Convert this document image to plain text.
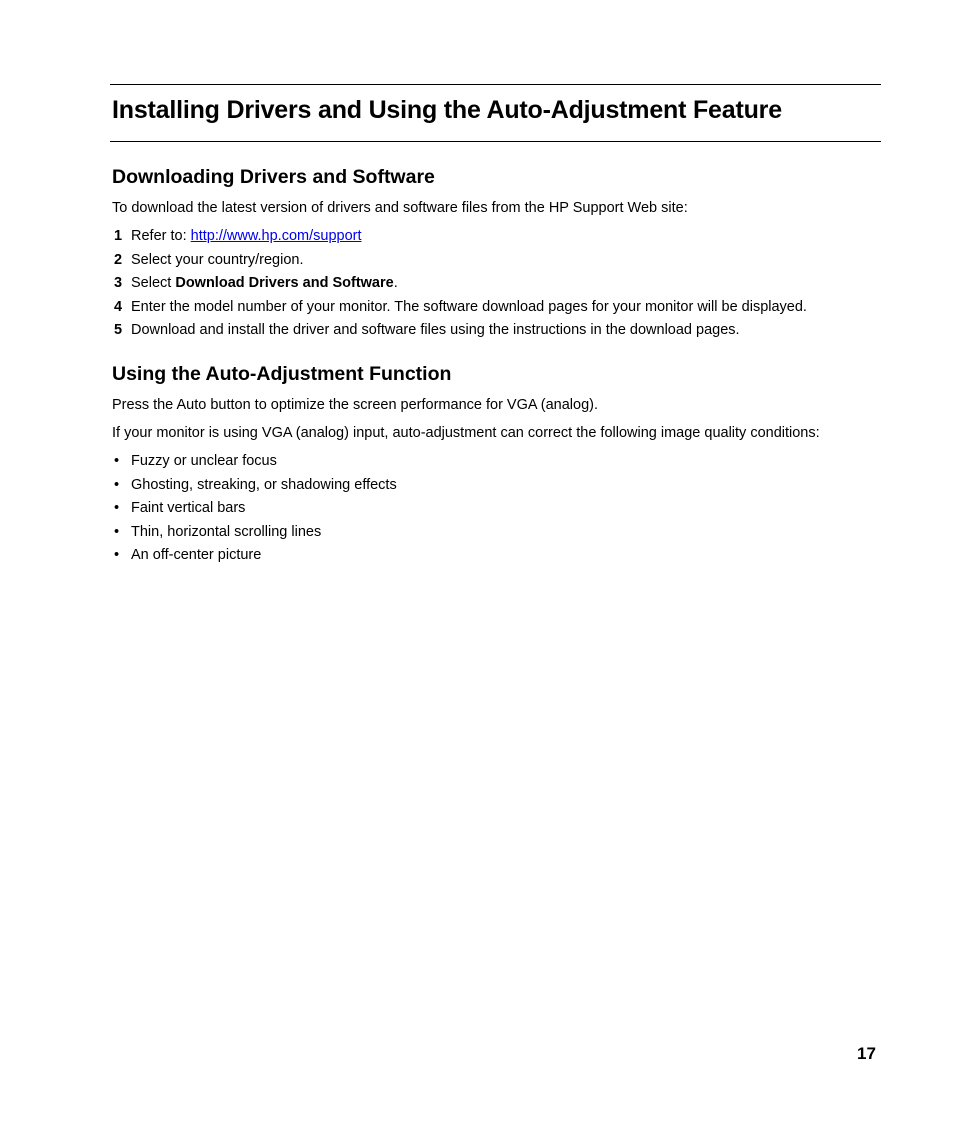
Installing Drivers and Using the Auto-Adjustment Feature
Downloading Drivers and Software

To download the latest version of drivers and software files from the HP Support Web site:

1 Refer to: http://www.hp.com/support
2 Select your country/region.
3 Select Download Drivers and Software.
4 Enter the model number of your monitor. The software download pages for your monitor will be displayed.
5 Download and install the driver and software files using the instructions in the download pages.
Using the Auto-Adjustment Function

Press the Auto button to optimize the screen performance for VGA (analog).

If your monitor is using VGA (analog) input, auto-adjustment can correct the following image quality conditions:

• Fuzzy or unclear focus
• Ghosting, streaking, or shadowing effects
• Faint vertical bars
• Thin, horizontal scrolling lines
• An off-center picture
17
